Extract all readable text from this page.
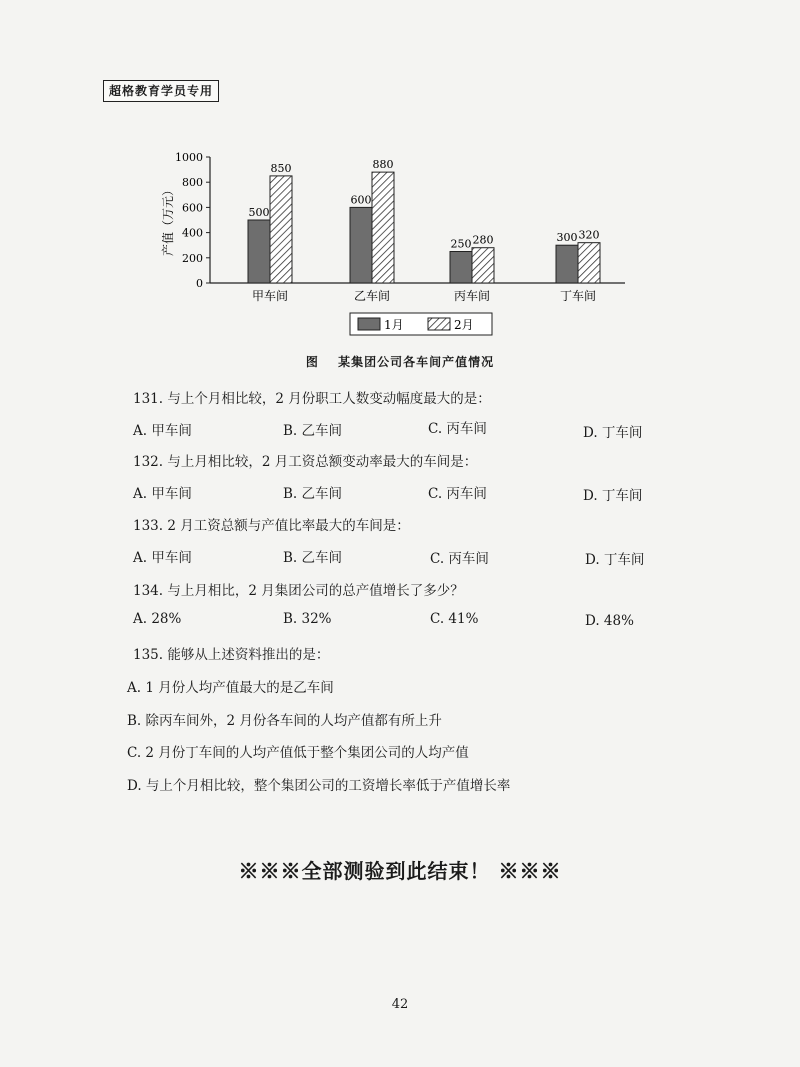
超格教育学员专用
0
200
400
600
800
1000
产值（万元）	500
850
甲车间
600
880
乙车间
250 280
丙车间
300 320
丁车间
1月	2月
图 某集团公司各车间产值情况
131. 与上个月相比较，2 月份职工人数变动幅度最大的是：
A. 甲车间	B. 乙车间	C. 丙车间	D. 丁车间
132. 与上月相比较，2 月工资总额变动率最大的车间是：
A. 甲车间	B. 乙车间	C. 丙车间	D. 丁车间
133. 2 月工资总额与产值比率最大的车间是：
A. 甲车间	B. 乙车间	C. 丙车间	D. 丁车间
134. 与上月相比，2 月集团公司的总产值增长了多少？
A. 28%	B. 32%	C. 41%	D. 48%
135. 能够从上述资料推出的是：
A. 1 月份人均产值最大的是乙车间
B. 除丙车间外，2 月份各车间的人均产值都有所上升
C. 2 月份丁车间的人均产值低于整个集团公司的人均产值
D. 与上个月相比较，整个集团公司的工资增长率低于产值增长率
※※※全部测验到此结束！ ※※※
42
